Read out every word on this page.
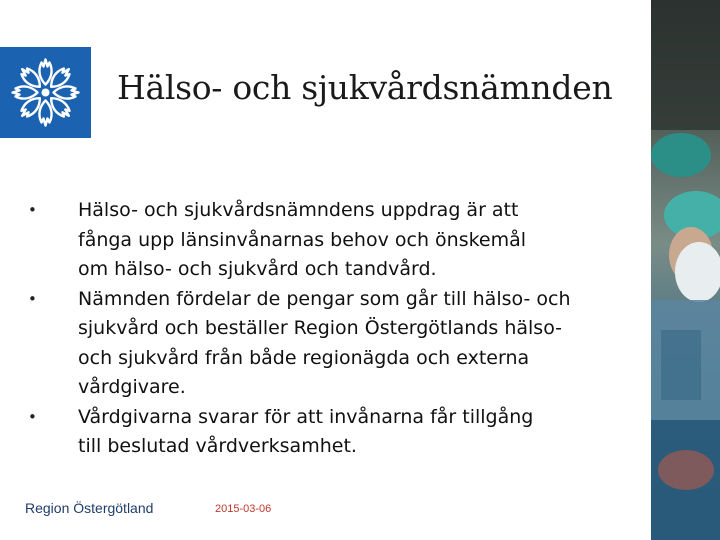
Hälso- och sjukvårdsnämnden
• Hälso- och sjukvårdsnämndens uppdrag är att
fånga upp länsinvånarnas behov och önskemål
om hälso- och sjukvård och tandvård.
• Nämnden fördelar de pengar som går till hälso- och
sjukvård och beställer Region Östergötlands hälso-
och sjukvård från både regionägda och externa
vårdgivare.
• Vårdgivarna svarar för att invånarna får tillgång
till beslutad vårdverksamhet.
Region Östergötland	2015-03-06
